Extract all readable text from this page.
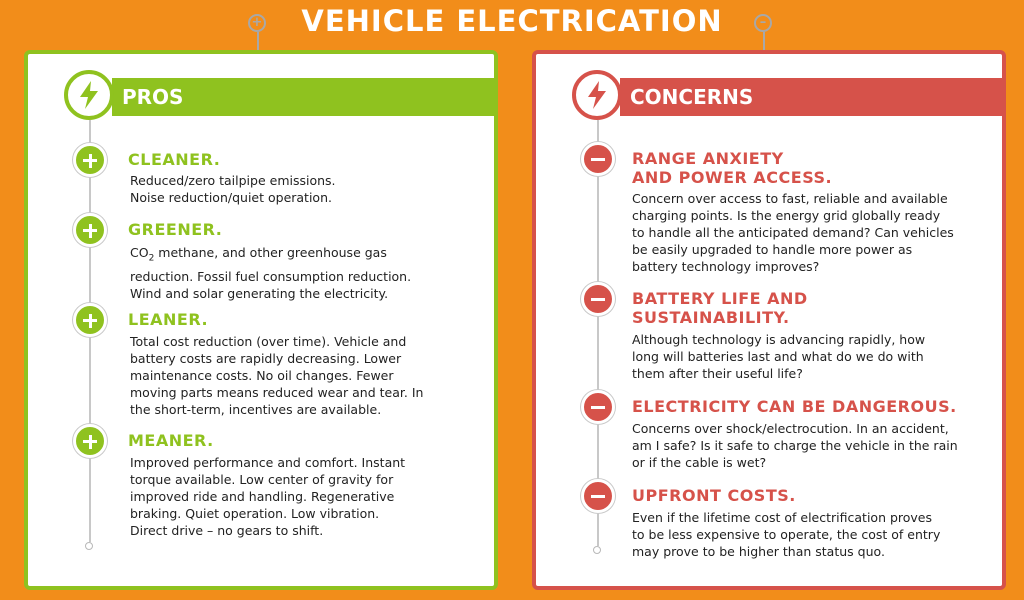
VEHICLE ELECTRICATION
+	–
PROS
CLEANER.
Reduced/zero tailpipe emissions.
Noise reduction/quiet operation.
GREENER.
$CO_2$ methane, and other greenhouse gas
reduction. Fossil fuel consumption reduction.
Wind and solar generating the electricity.
LEANER.
Total cost reduction (over time). Vehicle and
battery costs are rapidly decreasing. Lower
maintenance costs. No oil changes. Fewer
moving parts means reduced wear and tear. In
the short-term, incentives are available.
MEANER.
Improved performance and comfort. Instant
torque available. Low center of gravity for
improved ride and handling. Regenerative
braking. Quiet operation. Low vibration.
Direct drive – no gears to shift.
CONCERNS
RANGE ANXIETY
AND POWER ACCESS.
Concern over access to fast, reliable and available
charging points. Is the energy grid globally ready
to handle all the anticipated demand? Can vehicles
be easily upgraded to handle more power as
battery technology improves?
BATTERY LIFE AND
SUSTAINABILITY.
Although technology is advancing rapidly, how
long will batteries last and what do we do with
them after their useful life?
ELECTRICITY CAN BE DANGEROUS.
Concerns over shock/electrocution. In an accident,
am I safe? Is it safe to charge the vehicle in the rain
or if the cable is wet?
UPFRONT COSTS.
Even if the lifetime cost of electrification proves
to be less expensive to operate, the cost of entry
may prove to be higher than status quo.
